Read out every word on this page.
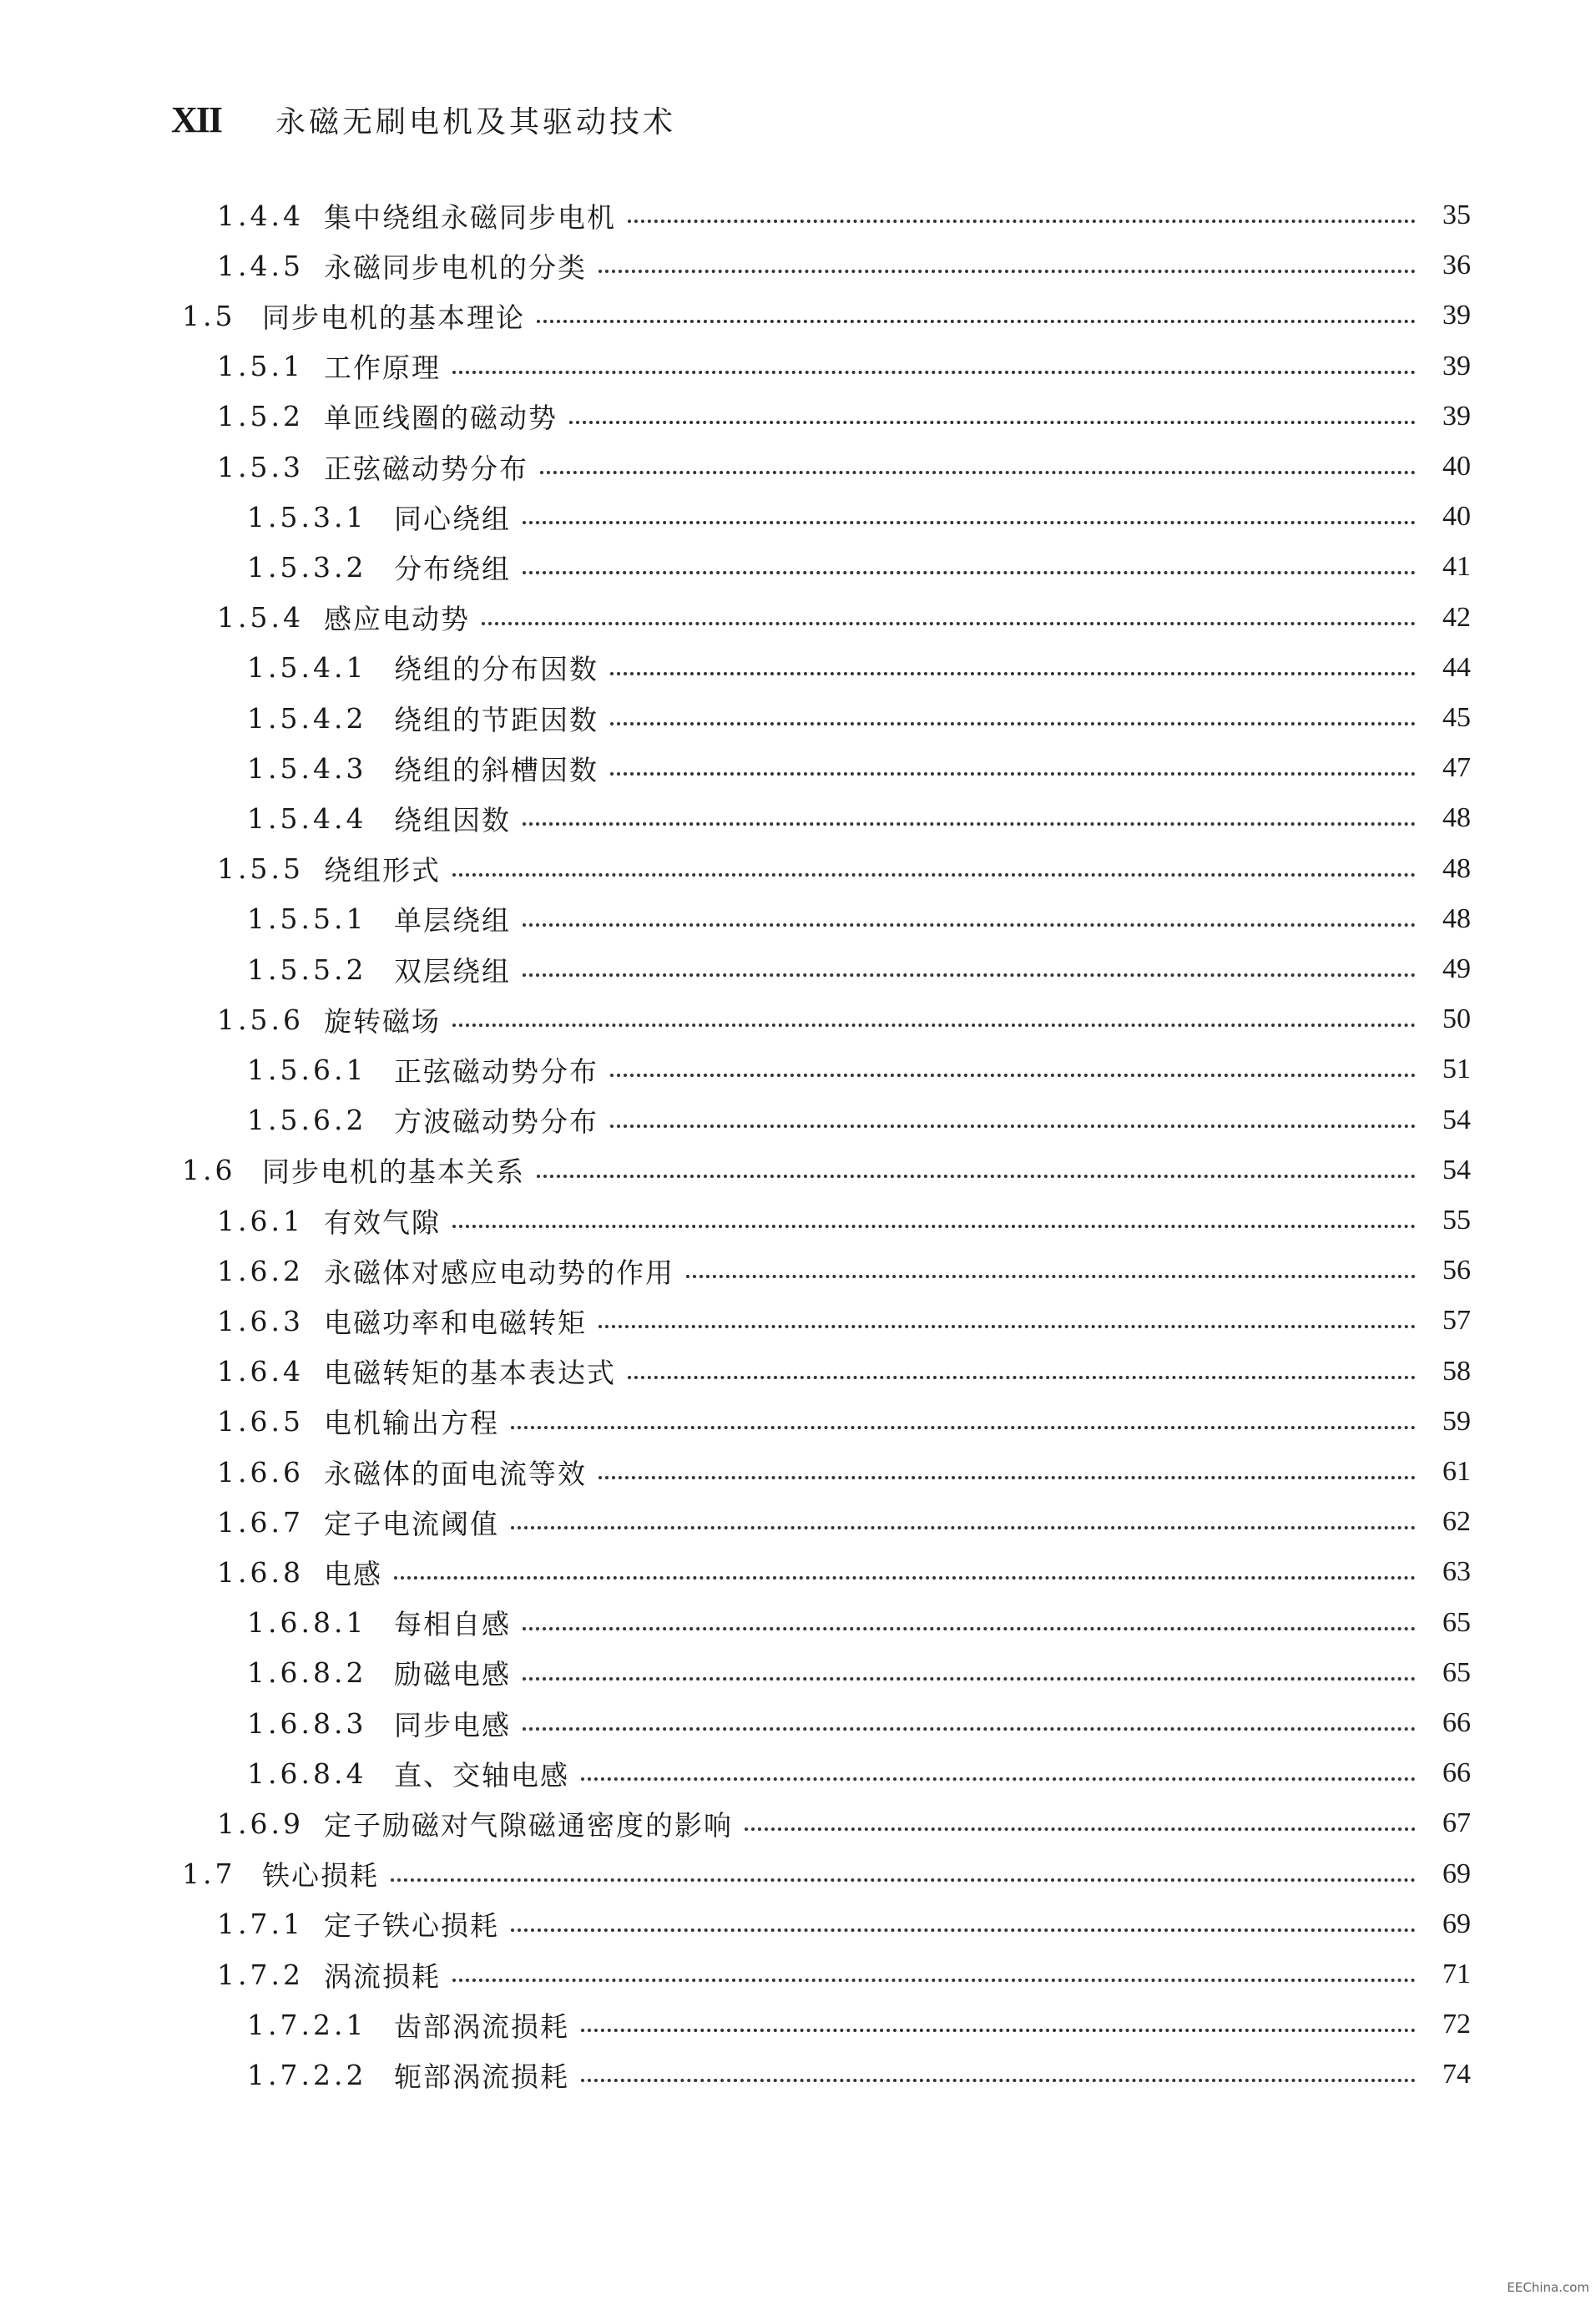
XII	永磁无刷电机及其驱动技术
1.4.4 集中绕组永磁同步电机	35
1.4.5 永磁同步电机的分类	36
1.5 同步电机的基本理论	39
1.5.1 工作原理	39
1.5.2 单匝线圈的磁动势	39
1.5.3 正弦磁动势分布	40
1.5.3.1 同心绕组	40
1.5.3.2 分布绕组	41
1.5.4 感应电动势	42
1.5.4.1 绕组的分布因数	44
1.5.4.2 绕组的节距因数	45
1.5.4.3 绕组的斜槽因数	47
1.5.4.4 绕组因数	48
1.5.5 绕组形式	48
1.5.5.1 单层绕组	48
1.5.5.2 双层绕组	49
1.5.6 旋转磁场	50
1.5.6.1 正弦磁动势分布	51
1.5.6.2 方波磁动势分布	54
1.6 同步电机的基本关系	54
1.6.1 有效气隙	55
1.6.2 永磁体对感应电动势的作用	56
1.6.3 电磁功率和电磁转矩	57
1.6.4 电磁转矩的基本表达式	58
1.6.5 电机输出方程	59
1.6.6 永磁体的面电流等效	61
1.6.7 定子电流阈值	62
1.6.8 电感	63
1.6.8.1 每相自感	65
1.6.8.2 励磁电感	65
1.6.8.3 同步电感	66
1.6.8.4 直、交轴电感	66
1.6.9 定子励磁对气隙磁通密度的影响	67
1.7 铁心损耗	69
1.7.1 定子铁心损耗	69
1.7.2 涡流损耗	71
1.7.2.1 齿部涡流损耗	72
1.7.2.2 轭部涡流损耗	74
EEChina.com
